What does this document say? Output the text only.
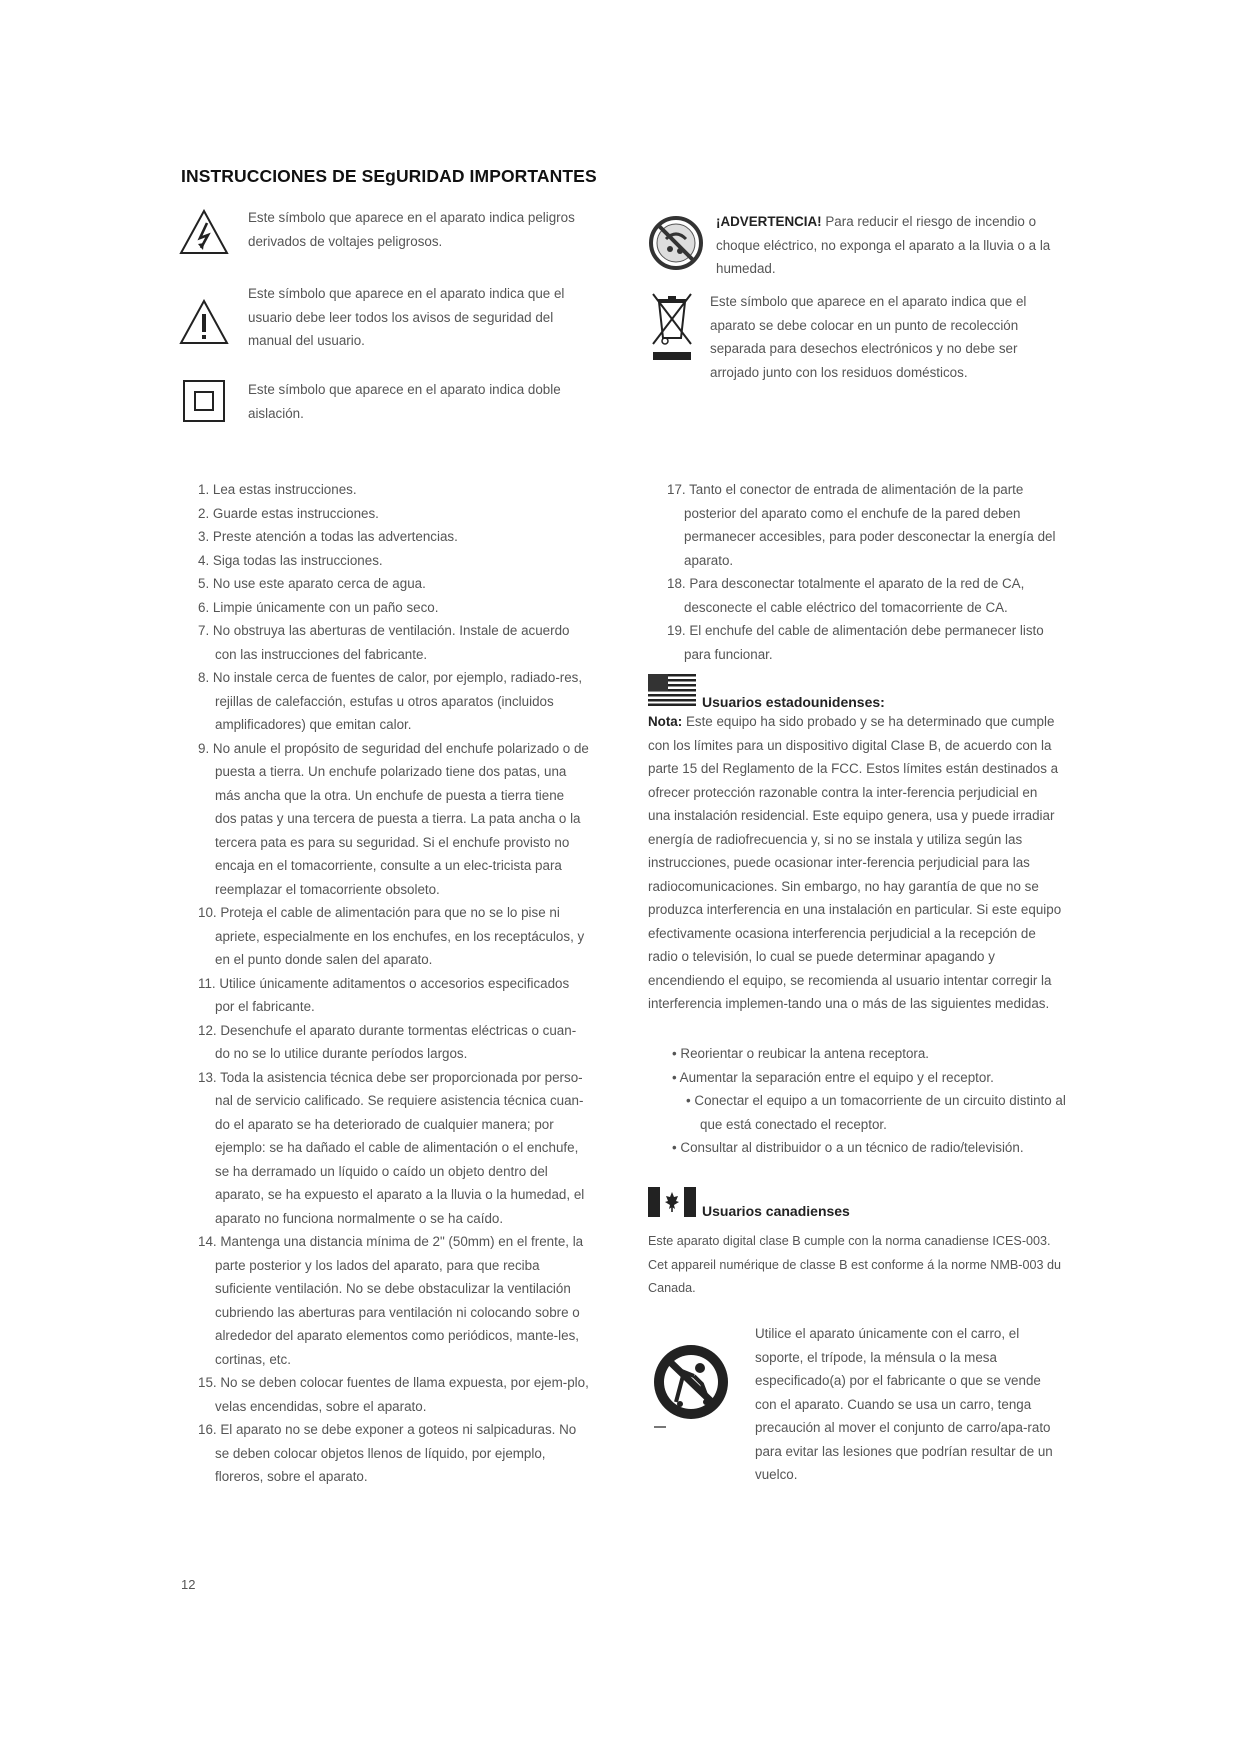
INSTRUCCIONES DE SEgURIDAD IMPORTANTES
Este símbolo que aparece en el aparato indica peligros derivados de voltajes peligrosos.
Este símbolo que aparece en el aparato indica que el usuario debe leer todos los avisos de seguridad del manual del usuario.
Este símbolo que aparece en el aparato indica doble aislación.
¡ADVERTENCIA! Para reducir el riesgo de incendio o choque eléctrico, no exponga el aparato a la lluvia o a la humedad.
Este símbolo que aparece en el aparato indica que el aparato se debe colocar en un punto de recolección separada para desechos electrónicos y no debe ser arrojado junto con los residuos domésticos.
1. Lea estas instrucciones.
2. Guarde estas instrucciones.
3. Preste atención a todas las advertencias.
4. Siga todas las instrucciones.
5. No use este aparato cerca de agua.
6. Limpie únicamente con un paño seco.
7. No obstruya las aberturas de ventilación. Instale de acuerdo con las instrucciones del fabricante.
8. No instale cerca de fuentes de calor, por ejemplo, radiado-res, rejillas de calefacción, estufas u otros aparatos (incluidos amplificadores) que emitan calor.
9. No anule el propósito de seguridad del enchufe polarizado o de puesta a tierra. Un enchufe polarizado tiene dos patas, una más ancha que la otra. Un enchufe de puesta a tierra tiene dos patas y una tercera de puesta a tierra. La pata ancha o la tercera pata es para su seguridad. Si el enchufe provisto no encaja en el tomacorriente, consulte a un elec-tricista para reemplazar el tomacorriente obsoleto.
10. Proteja el cable de alimentación para que no se lo pise ni apriete, especialmente en los enchufes, en los receptáculos, y en el punto donde salen del aparato.
11. Utilice únicamente aditamentos o accesorios especificados por el fabricante.
12. Desenchufe el aparato durante tormentas eléctricas o cuan-do no se lo utilice durante períodos largos.
13. Toda la asistencia técnica debe ser proporcionada por perso-nal de servicio calificado. Se requiere asistencia técnica cuan-do el aparato se ha deteriorado de cualquier manera; por ejemplo: se ha dañado el cable de alimentación o el enchufe, se ha derramado un líquido o caído un objeto dentro del aparato, se ha expuesto el aparato a la lluvia o la humedad, el aparato no funciona normalmente o se ha caído.
14. Mantenga una distancia mínima de 2" (50mm) en el frente, la parte posterior y los lados del aparato, para que reciba suficiente ventilación. No se debe obstaculizar la ventilación cubriendo las aberturas para ventilación ni colocando sobre o alrededor del aparato elementos como periódicos, mante-les, cortinas, etc.
15. No se deben colocar fuentes de llama expuesta, por ejem-plo, velas encendidas, sobre el aparato.
16. El aparato no se debe exponer a goteos ni salpicaduras. No se deben colocar objetos llenos de líquido, por ejemplo, floreros, sobre el aparato.
17. Tanto el conector de entrada de alimentación de la parte posterior del aparato como el enchufe de la pared deben permanecer accesibles, para poder desconectar la energía del aparato.
18. Para desconectar totalmente el aparato de la red de CA, desconecte el cable eléctrico del tomacorriente de CA.
19. El enchufe del cable de alimentación debe permanecer listo para funcionar.
Usuarios estadounidenses:
Nota: Este equipo ha sido probado y se ha determinado que cumple con los límites para un dispositivo digital Clase B, de acuerdo con la parte 15 del Reglamento de la FCC. Estos límites están destinados a ofrecer protección razonable contra la inter-ferencia perjudicial en una instalación residencial. Este equipo genera, usa y puede irradiar energía de radiofrecuencia y, si no se instala y utiliza según las instrucciones, puede ocasionar inter-ferencia perjudicial para las radiocomunicaciones. Sin embargo, no hay garantía de que no se produzca interferencia en una instalación en particular. Si este equipo efectivamente ocasiona interferencia perjudicial a la recepción de radio o televisión, lo cual se puede determinar apagando y encendiendo el equipo, se recomienda al usuario intentar corregir la interferencia implemen-tando una o más de las siguientes medidas.
• Reorientar o reubicar la antena receptora.
• Aumentar la separación entre el equipo y el receptor.
• Conectar el equipo a un tomacorriente de un circuito distinto al que está conectado el receptor.
• Consultar al distribuidor o a un técnico de radio/televisión.
Usuarios canadienses
Este aparato digital clase B cumple con la norma canadiense ICES-003. Cet appareil numérique de classe B est conforme á la norme NMB-003 du Canada.
Utilice el aparato únicamente con el carro, el soporte, el trípode, la ménsula o la mesa especificado(a) por el fabricante o que se vende con el aparato. Cuando se usa un carro, tenga precaución al mover el conjunto de carro/apa-rato para evitar las lesiones que podrían resultar de un vuelco.
12
